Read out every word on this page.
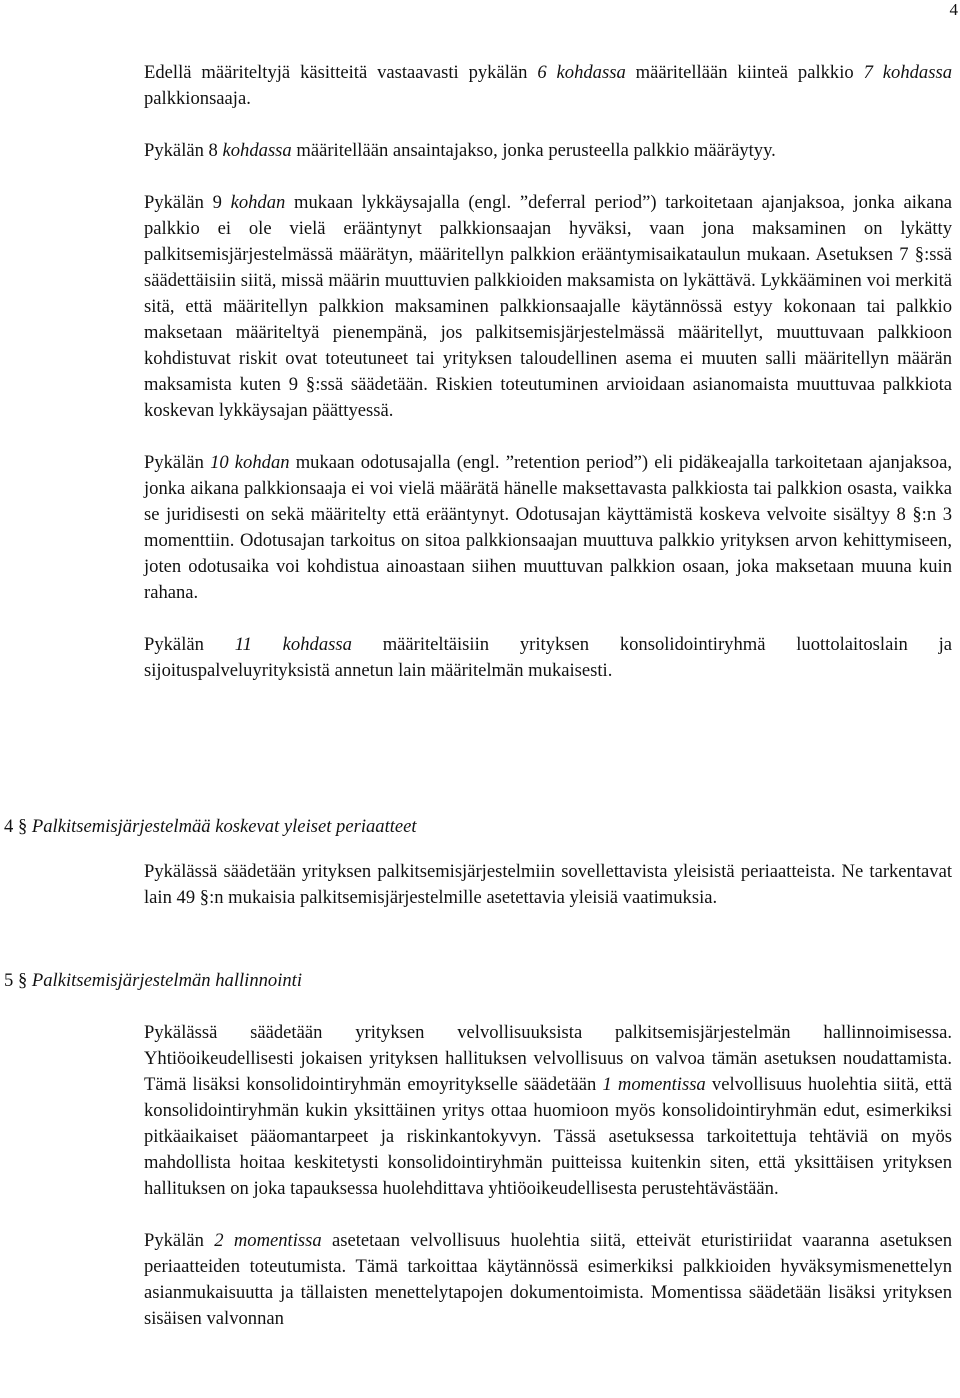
4

Edellä määriteltyjä käsitteitä vastaavasti pykälän 6 kohdassa määritellään kiinteä palkkio 7 kohdassa palkkionsaaja.

Pykälän 8 kohdassa määritellään ansaintajakso, jonka perusteella palkkio määräytyy.

Pykälän 9 kohdan mukaan lykkäysajalla (engl. ”deferral period”) tarkoitetaan ajanjaksoa, jonka aikana palkkio ei ole vielä erääntynyt palkkionsaajan hyväksi, vaan jona maksaminen on lykätty palkitsemisjärjestelmässä määrätyn, määritellyn palkkion erääntymisaikataulun mukaan. Asetuksen 7 §:ssä säädettäisiin siitä, missä määrin muuttuvien palkkioiden maksamista on lykättävä. Lykkääminen voi merkitä sitä, että määritellyn palkkion maksaminen palkkionsaajalle käytännössä estyy kokonaan tai palkkio maksetaan määriteltyä pienempänä, jos palkitsemisjärjestelmässä määritellyt, muuttuvaan palkkioon kohdistuvat riskit ovat toteutuneet tai yrityksen taloudellinen asema ei muuten salli määritellyn määrän maksamista kuten 9 §:ssä säädetään. Riskien toteutuminen arvioidaan asianomaista muuttuvaa palkkiota koskevan lykkäysajan päättyessä.

Pykälän 10 kohdan mukaan odotusajalla (engl. ”retention period”) eli pidäkeajalla tarkoitetaan ajanjaksoa, jonka aikana palkkionsaaja ei voi vielä määrätä hänelle maksettavasta palkkiosta tai palkkion osasta, vaikka se juridisesti on sekä määritelty että erääntynyt. Odotusajan käyttämistä koskeva velvoite sisältyy 8 §:n 3 momenttiin. Odotusajan tarkoitus on sitoa palkkionsaajan muuttuva palkkio yrityksen arvon kehittymiseen, joten odotusaika voi kohdistua ainoastaan siihen muuttuvan palkkion osaan, joka maksetaan muuna kuin rahana.

Pykälän 11 kohdassa määriteltäisiin yrityksen konsolidointiryhmä luottolaitoslain ja sijoituspalveluyrityksistä annetun lain määritelmän mukaisesti.

4 § Palkitsemisjärjestelmää koskevat yleiset periaatteet
Pykälässä säädetään yrityksen palkitsemisjärjestelmiin sovellettavista yleisistä periaatteista. Ne tarkentavat lain 49 §:n mukaisia palkitsemisjärjestelmille asetettavia yleisiä vaatimuksia.
5 § Palkitsemisjärjestelmän hallinnointi

Pykälässä säädetään yrityksen velvollisuuksista palkitsemisjärjestelmän hallinnoimisessa. Yhtiöoikeudellisesti jokaisen yrityksen hallituksen velvollisuus on valvoa tämän asetuksen noudattamista. Tämä lisäksi konsolidointiryhmän emoyritykselle säädetään 1 momentissa velvollisuus huolehtia siitä, että konsolidointiryhmän kukin yksittäinen yritys ottaa huomioon myös konsolidointiryhmän edut, esimerkiksi pitkäaikaiset pääomantarpeet ja riskinkantokyvyn. Tässä asetuksessa tarkoitettuja tehtäviä on myös mahdollista hoitaa keskitetysti konsolidointiryhmän puitteissa kuitenkin siten, että yksittäisen yrityksen hallituksen on joka tapauksessa huolehdittava yhtiöoikeudellisesta perustehtävästään.

Pykälän 2 momentissa asetetaan velvollisuus huolehtia siitä, etteivät eturistiriidat vaaranna asetuksen periaatteiden toteutumista. Tämä tarkoittaa käytännössä esimerkiksi palkkioiden hyväksymismenettelyn asianmukaisuutta ja tällaisten menettelytapojen dokumentoimista. Momentissa säädetään lisäksi yrityksen sisäisen valvonnan
